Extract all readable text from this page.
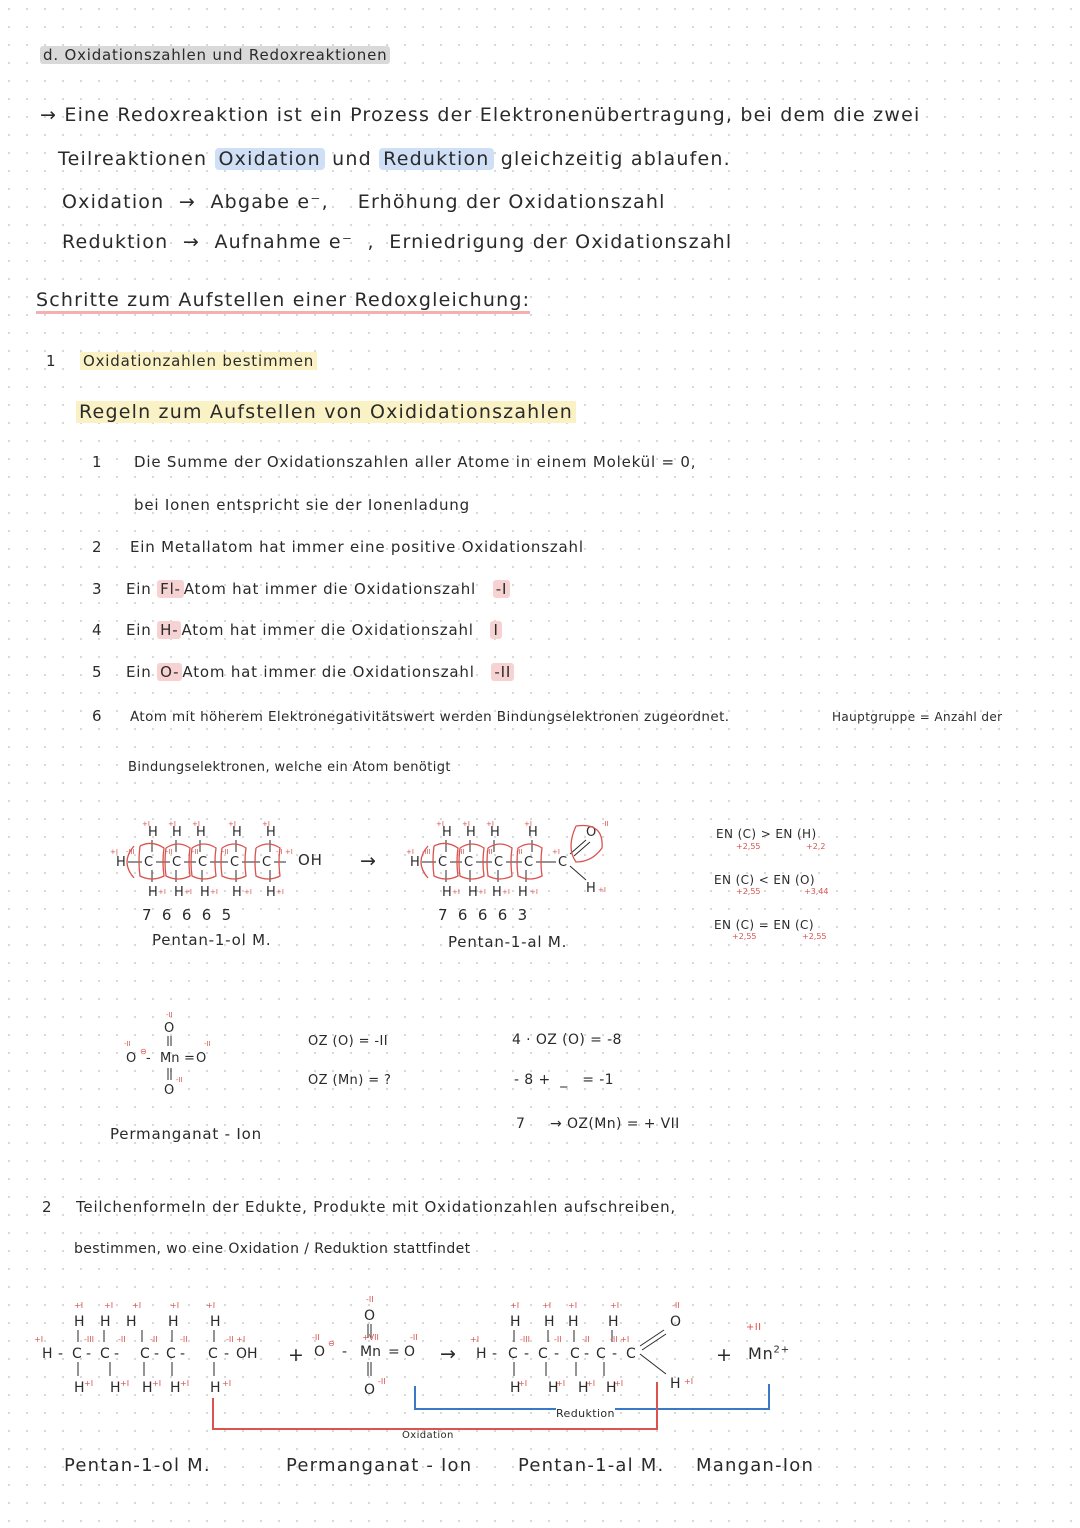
d. Oxidationszahlen und Redoxreaktionen
→ Eine Redoxreaktion ist ein Prozess der Elektronenübertragung, bei dem die zwei
Teilreaktionen Oxidation und Reduktion gleichzeitig ablaufen.
Oxidation → Abgabe e⁻, Erhöhung der Oxidationszahl
Reduktion → Aufnahme e⁻ , Erniedrigung der Oxidationszahl
Schritte zum Aufstellen einer Redoxgleichung:
1 Oxidationzahlen bestimmen
Regeln zum Aufstellen von Oxididationszahlen
1 Die Summe der Oxidationszahlen aller Atome in einem Molekül = 0,
bei Ionen entspricht sie der Ionenladung
2 Ein Metallatom hat immer eine positive Oxidationszahl
3 Ein Fl- Atom hat immer die Oxidationszahl -I
4 Ein H- Atom hat immer die Oxidationszahl I
5 Ein O- Atom hat immer die Oxidationszahl -II
6 Atom mit höherem Elektronegativitätswert werden Bindungselektronen zugeordnet.	Hauptgruppe = Anzahl der
Bindungselektronen, welche ein Atom benötigt
H H H H H
H C C C C C
H H H H H
+I	+I +I	+I	+I
+I -III	-II	-II	-II	-II +I
+I	+I	+I	+I	+I
OH
7 6 6 6 5
Pentan-1-ol M.
→
H H H H	O
H C C C C C
H H H H	H
+I	+I +I	+I	-II
+I -III	-II	-II	-II	+I
+I	+I +I	+I	+I
7 6 6 6 3
Pentan-1-al M.
EN (C) > EN (H)
+2,55	+2,2
EN (C) < EN (O)
+2,55	+3,44
EN (C) = EN (C)
+2,55	+2,55
O
O ⊖ - Mn = O
O
-II
-II	-II
-II
Permanganat - Ion
OZ (O) = -II
OZ (Mn) = ?
4 · OZ (O) = -8
- 8 +  _   = -1
7 → OZ(Mn) = + VII
2 Teilchenformeln der Edukte, Produkte mit Oxidationzahlen aufschreiben,
bestimmen, wo eine Oxidation / Reduktion stattfindet
H H H H H
H - C - C - C - C - C - OH
H H H H H
+I	+I +I	+I	+I
+I	-III	-II	-II	-II	-II +I
+I	+I	+I +I	+I
+
O
O
⊖
- Mn = O
O
-II
-II	+VII	-II
-II
→
H H H H	O
H - C - C - C - C - C
H H H H	H
+I	+I +I	+I	-II
+I	-III	-II	-II	-II +I
+I	+I	+I +I	+I
+
+II
$Mn^{2+}$
Reduktion
Oxidation
Pentan-1-ol M.	Permanganat - Ion	Pentan-1-al M. Mangan-Ion
